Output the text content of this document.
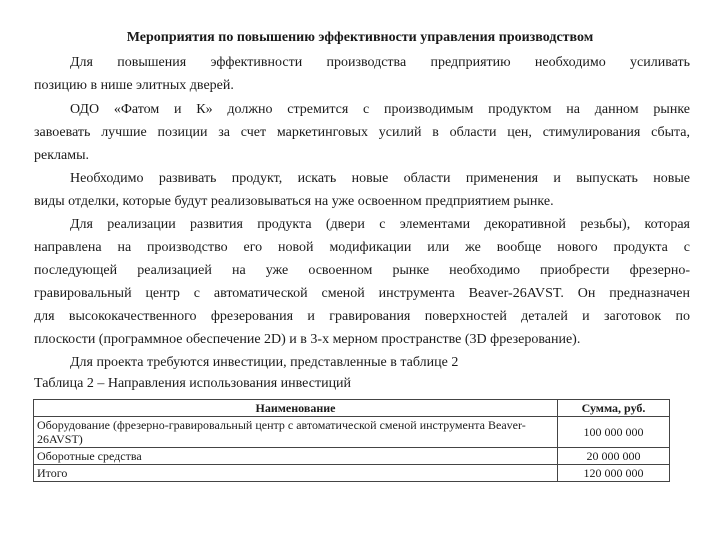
Мероприятия по повышению эффективности управления производством
Для повышения эффективности производства предприятию необходимо усиливать
позицию в нише элитных дверей.
ОДО «Фатом и К» должно стремится с производимым продуктом на данном рынке
завоевать лучшие позиции за счет маркетинговых усилий в области цен, стимулирования сбыта,
рекламы.
Необходимо развивать продукт, искать новые области применения и выпускать новые
виды отделки, которые будут реализовываться на уже освоенном предприятием рынке.
Для реализации развития продукта (двери с элементами декоративной резьбы), которая
направлена на производство его новой модификации или же вообще нового продукта с
последующей реализацией на уже освоенном рынке необходимо приобрести фрезерно-
гравировальный центр с автоматической сменой инструмента Beaver-26AVST. Он предназначен
для высококачественного фрезерования и гравирования поверхностей деталей и заготовок по
плоскости (программное обеспечение 2D) и в 3-х мерном пространстве (3D фрезерование).
Для проекта требуются инвестиции, представленные в таблице 2
Таблица 2 – Направления использования инвестиций
Наименование	Сумма, руб.
Оборудование (фрезерно-гравировальный центр с автоматической сменой инструмента Beaver-26AVST)	100 000 000
Оборотные средства	20 000 000
Итого	120 000 000
